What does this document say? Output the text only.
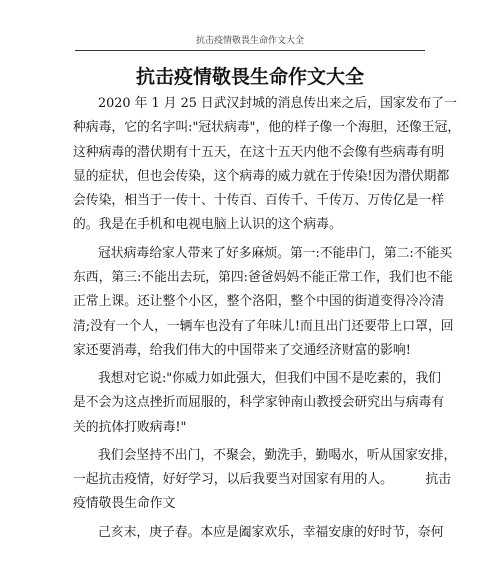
抗击疫情敬畏生命作文大全
抗击疫情敬畏生命作文大全
2020 年 1 月 25 日武汉封城的消息传出来之后，国家发布了一
种病毒，它的名字叫:"冠状病毒"，他的样子像一个海胆，还像王冠，
这种病毒的潜伏期有十五天，在这十五天内他不会像有些病毒有明
显的症状，但也会传染，这个病毒的威力就在于传染!因为潜伏期都
会传染，相当于一传十、十传百、百传千、千传万、万传亿是一样
的。我是在手机和电视电脑上认识的这个病毒。
冠状病毒给家人带来了好多麻烦。第一:不能串门，第二:不能买
东西，第三:不能出去玩，第四:爸爸妈妈不能正常工作，我们也不能
正常上课。还让整个小区，整个洛阳，整个中国的街道变得冷冷清
清;没有一个人，一辆车也没有了年味儿!而且出门还要带上口罩，回
家还要消毒，给我们伟大的中国带来了交通经济财富的影响!
我想对它说:"你威力如此强大，但我们中国不是吃素的，我们
是不会为这点挫折而屈服的，科学家钟南山教授会研究出与病毒有
关的抗体打败病毒!"
我们会坚持不出门，不聚会，勤洗手，勤喝水，听从国家安排，
一起抗击疫情，好好学习，以后我要当对国家有用的人。        抗击
疫情敬畏生命作文
己亥末，庚子春。本应是阖家欢乐，幸福安康的好时节，奈何
